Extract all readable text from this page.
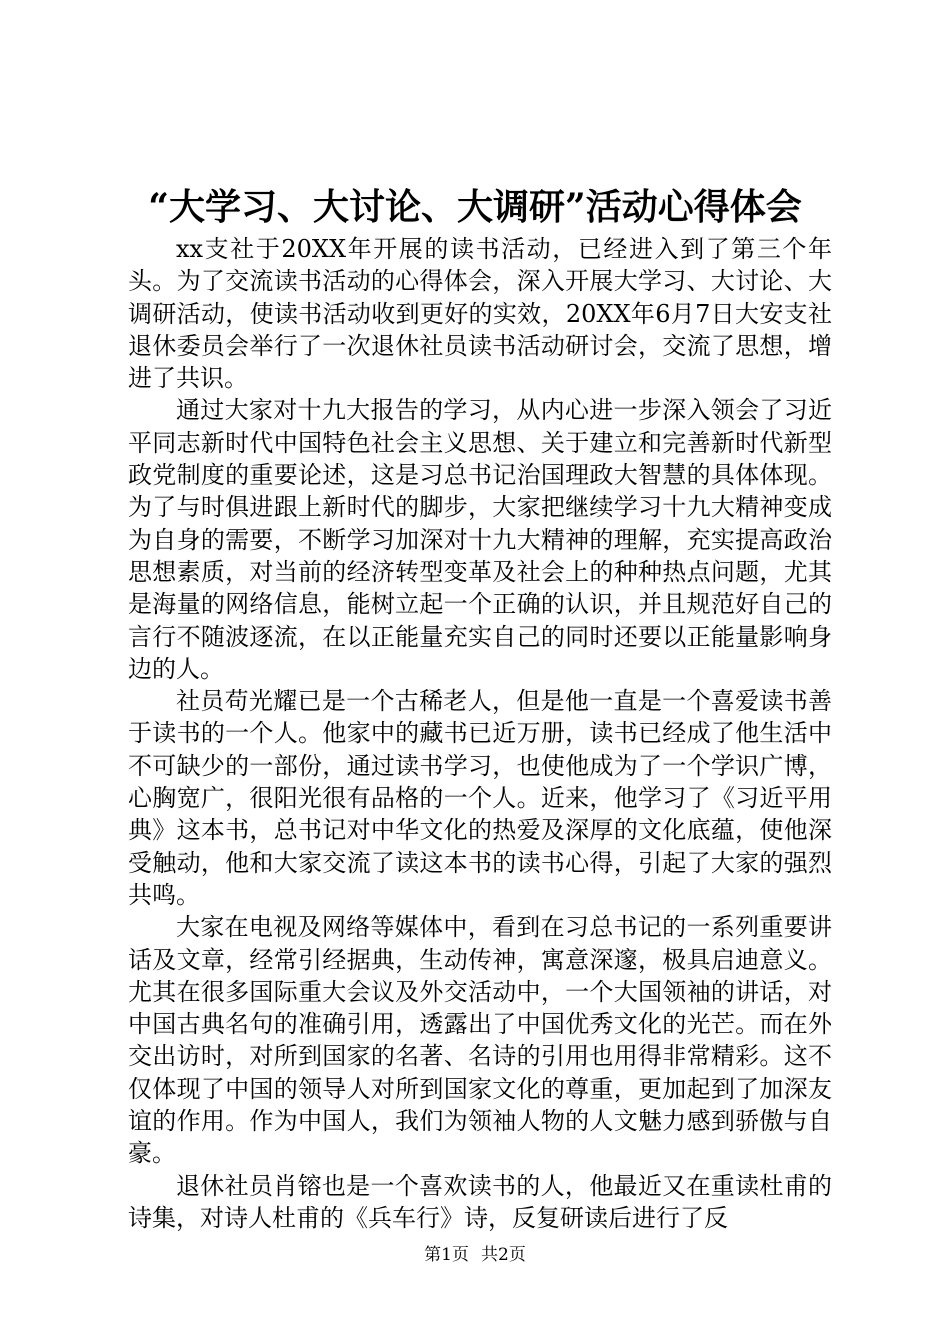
“大学习、大讨论、大调研”活动心得体会

xx支社于20XX年开展的读书活动，已经进入到了第三个年头。为了交流读书活动的心得体会，深入开展大学习、大讨论、大调研活动，使读书活动收到更好的实效，20XX年6月7日大安支社退休委员会举行了一次退休社员读书活动研讨会，交流了思想，增进了共识。

通过大家对十九大报告的学习，从内心进一步深入领会了习近平同志新时代中国特色社会主义思想、关于建立和完善新时代新型政党制度的重要论述，这是习总书记治国理政大智慧的具体体现。为了与时俱进跟上新时代的脚步，大家把继续学习十九大精神变成为自身的需要，不断学习加深对十九大精神的理解，充实提高政治思想素质，对当前的经济转型变革及社会上的种种热点问题，尤其是海量的网络信息，能树立起一个正确的认识，并且规范好自己的言行不随波逐流，在以正能量充实自己的同时还要以正能量影响身边的人。

社员苟光耀已是一个古稀老人，但是他一直是一个喜爱读书善于读书的一个人。他家中的藏书已近万册，读书已经成了他生活中不可缺少的一部份，通过读书学习，也使他成为了一个学识广博，心胸宽广，很阳光很有品格的一个人。近来，他学习了《习近平用典》这本书，总书记对中华文化的热爱及深厚的文化底蕴，使他深受触动，他和大家交流了读这本书的读书心得，引起了大家的强烈共鸣。

大家在电视及网络等媒体中，看到在习总书记的一系列重要讲话及文章，经常引经据典，生动传神，寓意深邃，极具启迪意义。尤其在很多国际重大会议及外交活动中，一个大国领袖的讲话，对中国古典名句的准确引用，透露出了中国优秀文化的光芒。而在外交出访时，对所到国家的名著、名诗的引用也用得非常精彩。这不仅体现了中国的领导人对所到国家文化的尊重，更加起到了加深友谊的作用。作为中国人，我们为领袖人物的人文魅力感到骄傲与自豪。

退休社员肖镕也是一个喜欢读书的人，他最近又在重读杜甫的诗集，对诗人杜甫的《兵车行》诗，反复研读后进行了反

第1页 共2页
